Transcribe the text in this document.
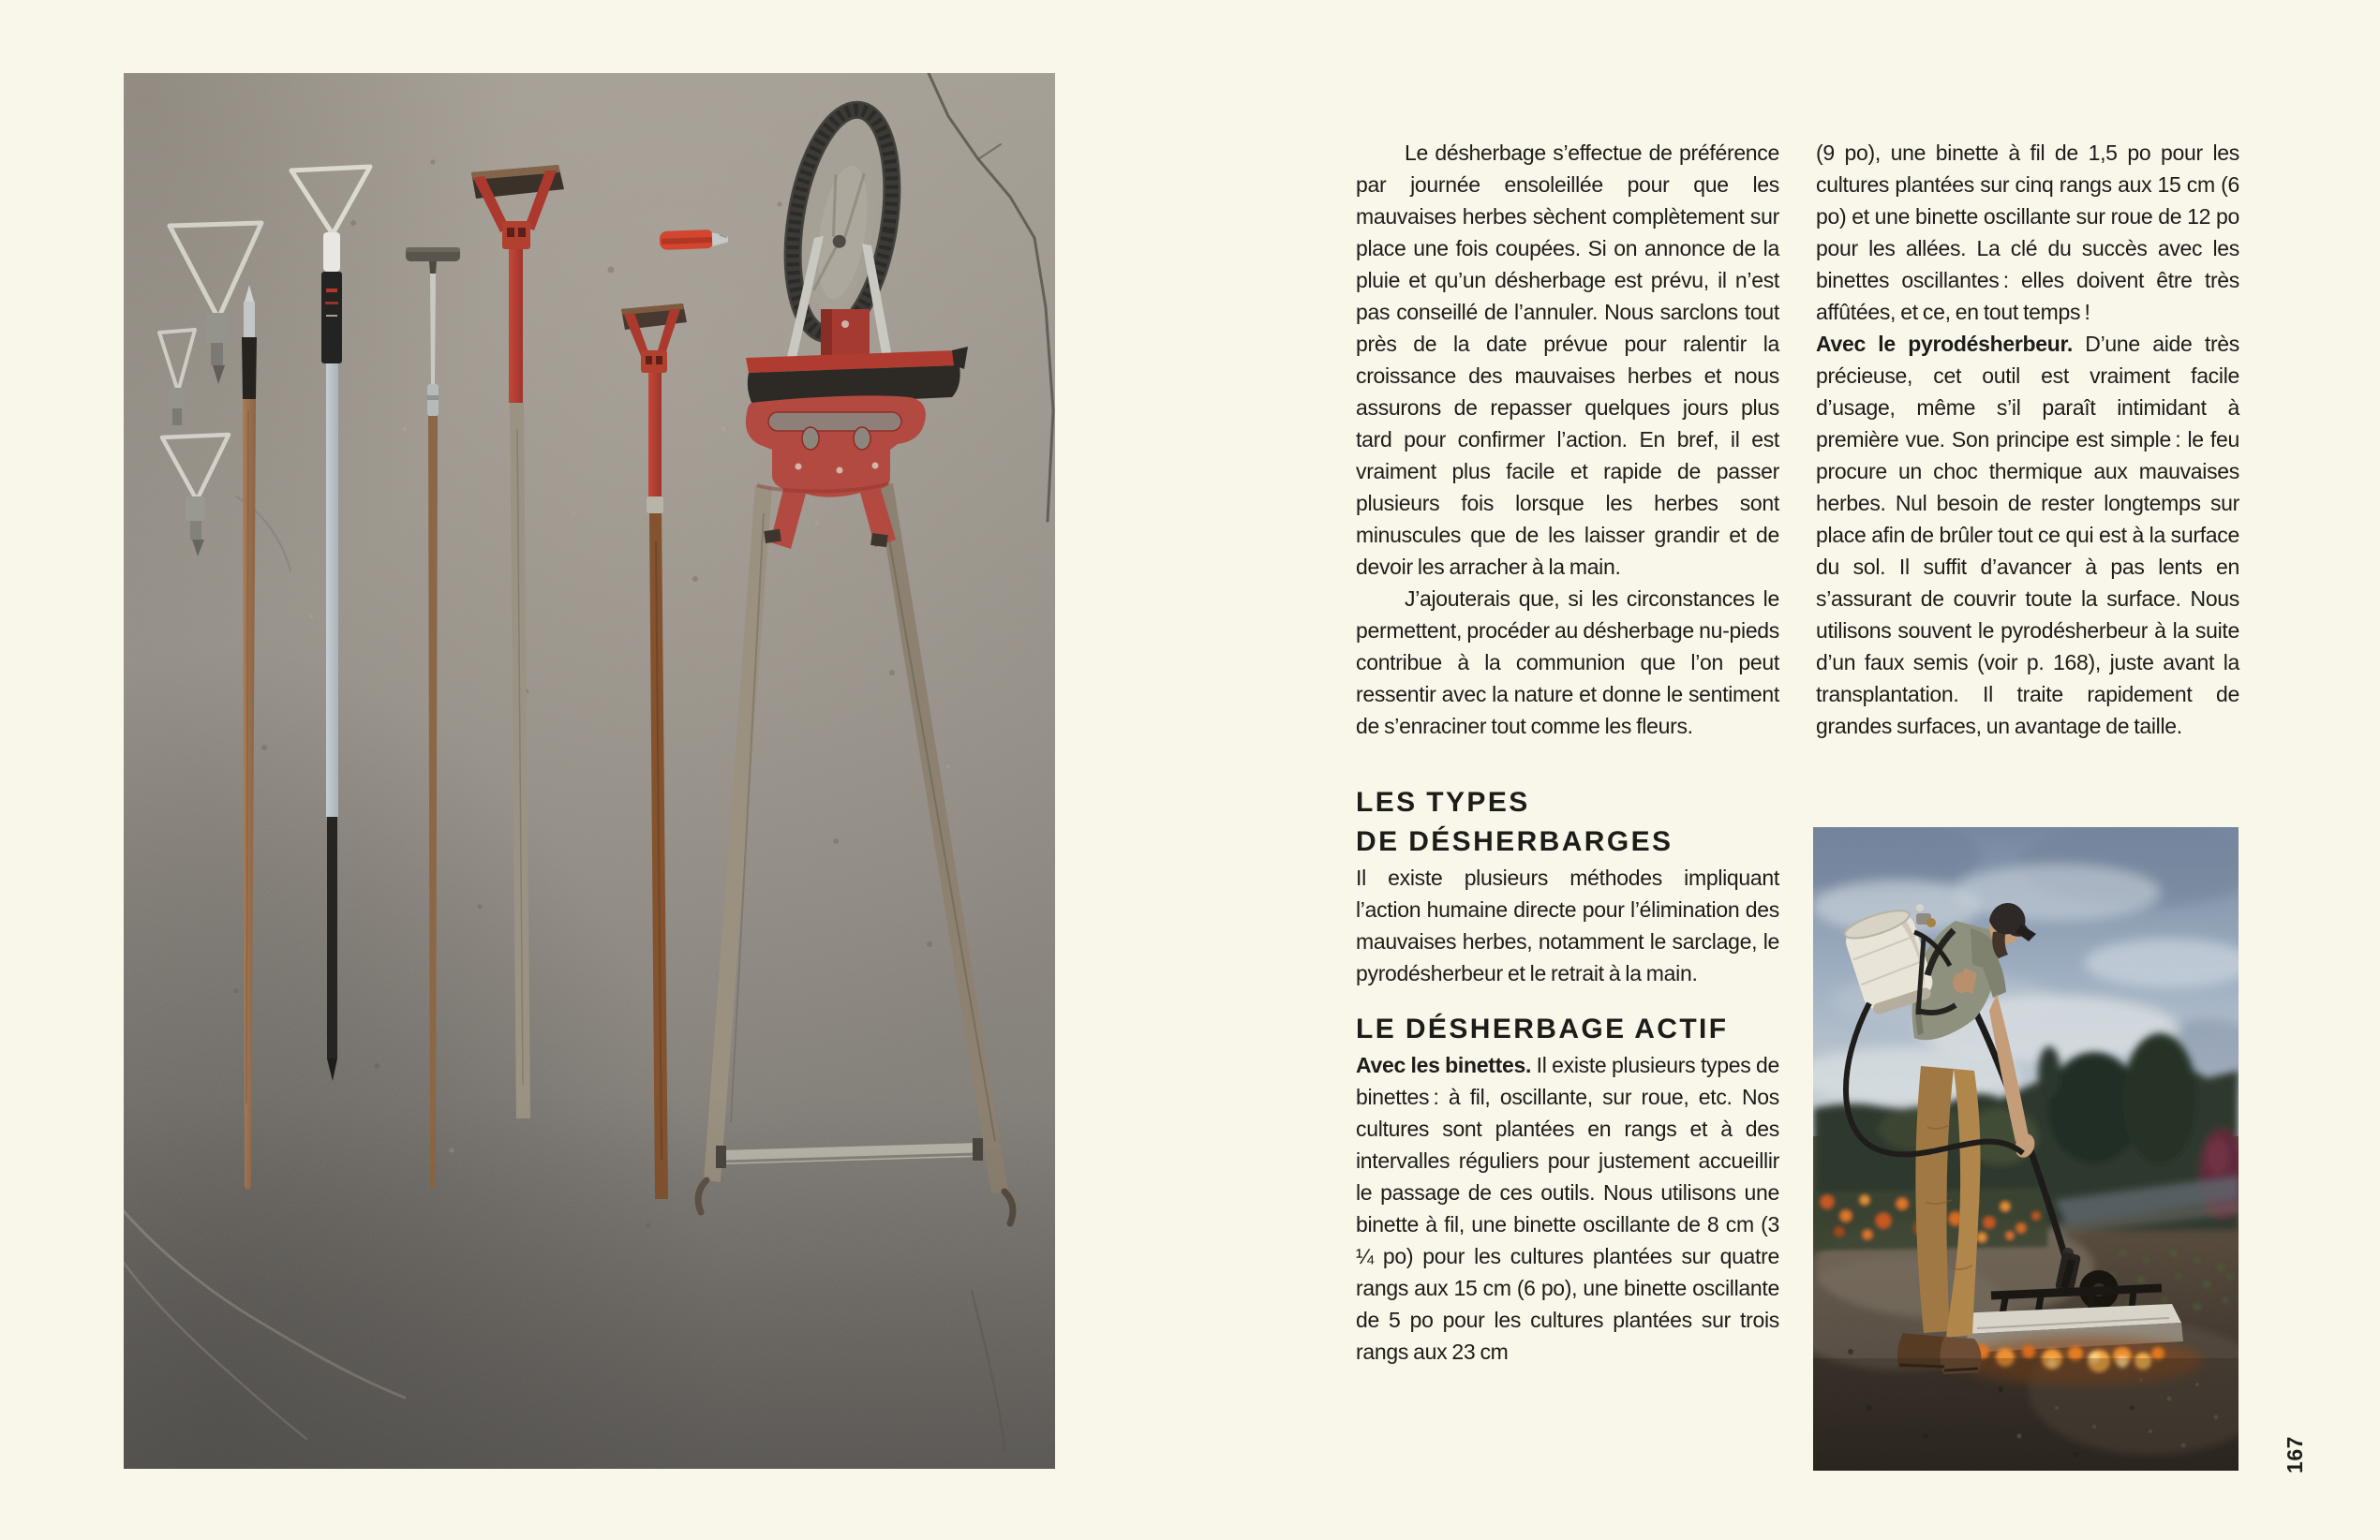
Le désherbage s’effectue de préférence par journée ensoleillée pour que les mauvaises herbes sèchent complètement sur place une fois coupées. Si on annonce de la pluie et qu’un désherbage est prévu, il n’est pas conseillé de l’annuler. Nous sarclons tout près de la date prévue pour ralentir la croissance des mauvaises herbes et nous assurons de repasser quelques jours plus tard pour confirmer l’action. En bref, il est vraiment plus facile et rapide de passer plusieurs fois lorsque les herbes sont minuscules que de les laisser grandir et de devoir les arracher à la main.

J’ajouterais que, si les circonstances le permettent, procéder au désherbage nu-pieds contribue à la communion que l’on peut ressentir avec la nature et donne le sentiment de s’enraciner tout comme les fleurs.

LES TYPES
DE DÉSHERBARGES

Il existe plusieurs méthodes impliquant l’action humaine directe pour l’élimination des mauvaises herbes, notamment le sarclage, le pyrodésherbeur et le retrait à la main.

LE DÉSHERBAGE ACTIF

Avec les binettes. Il existe plusieurs types de binettes : à fil, oscillante, sur roue, etc. Nos cultures sont plantées en rangs et à des intervalles réguliers pour justement accueillir le passage de ces outils. Nous utilisons une binette à fil, une binette oscillante de 8 cm (3 ¼ po) pour les cultures plantées sur quatre rangs aux 15 cm (6 po), une binette oscillante de 5 po pour les cultures plantées sur trois rangs aux 23 cm

(9 po), une binette à fil de 1,5 po pour les cultures plantées sur cinq rangs aux 15 cm (6 po) et une binette oscillante sur roue de 12 po pour les allées. La clé du succès avec les binettes oscillantes : elles doivent être très affûtées, et ce, en tout temps !

Avec le pyrodésherbeur. D’une aide très précieuse, cet outil est vraiment facile d’usage, même s’il paraît intimidant à première vue. Son principe est simple : le feu procure un choc thermique aux mauvaises herbes. Nul besoin de rester longtemps sur place afin de brûler tout ce qui est à la surface du sol. Il suffit d’avancer à pas lents en s’assurant de couvrir toute la surface. Nous utilisons souvent le pyrodésherbeur à la suite d’un faux semis (voir p. 168), juste avant la transplantation. Il traite rapidement de grandes surfaces, un avantage de taille.

167
